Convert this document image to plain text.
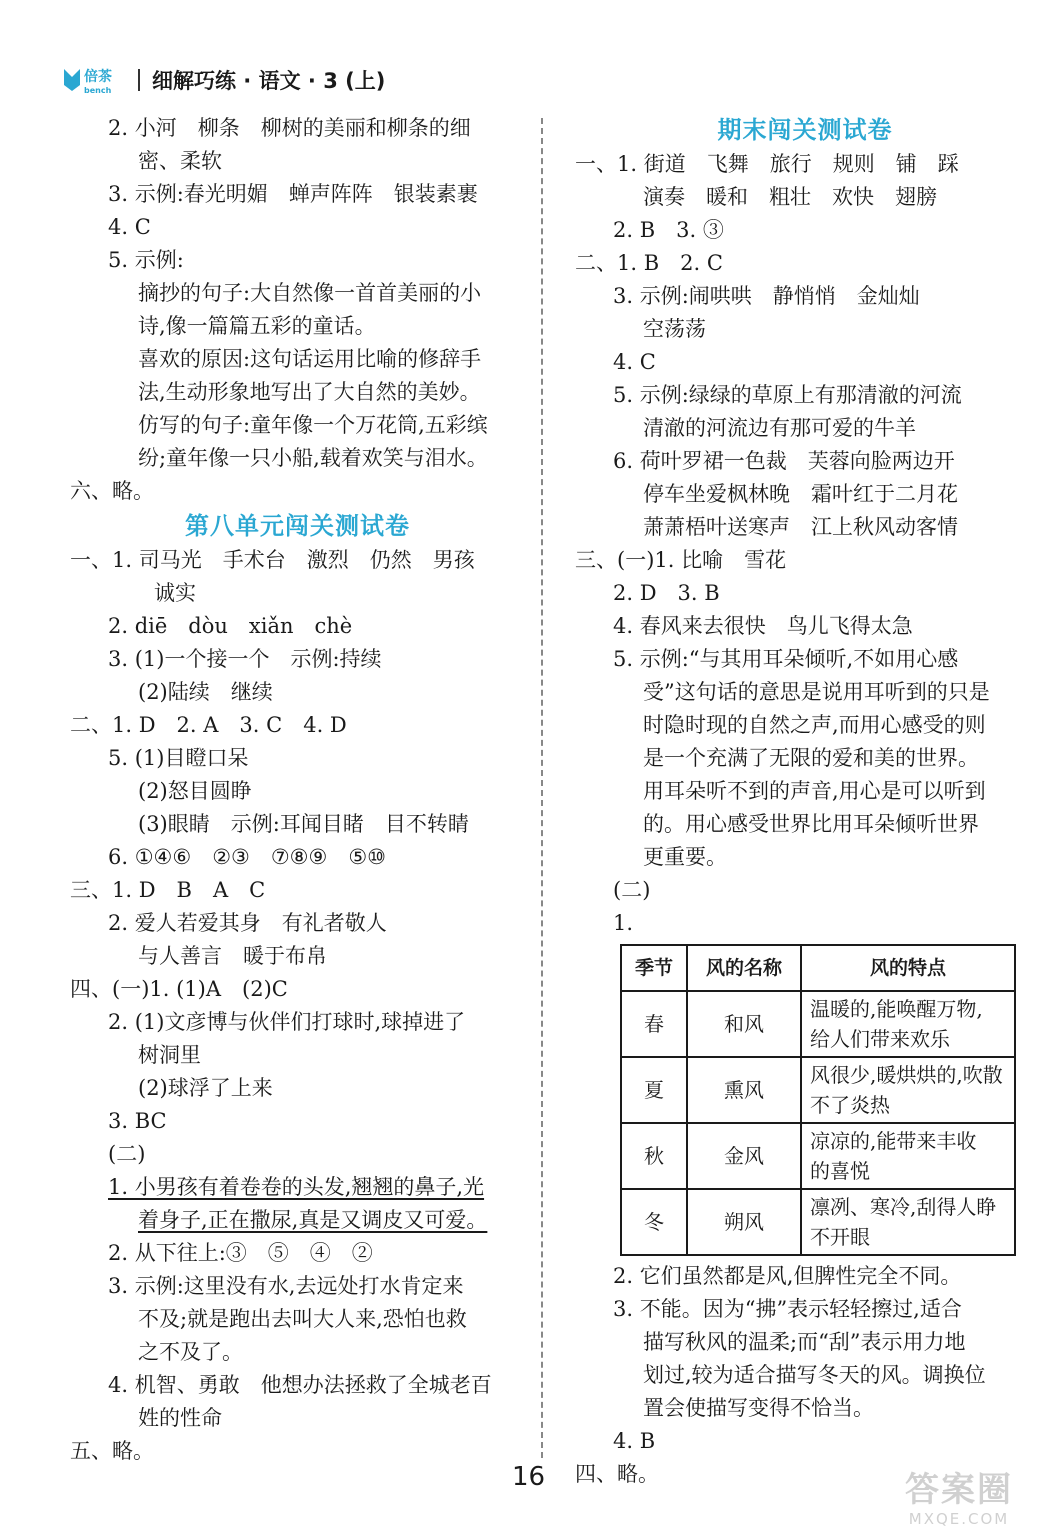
倍茶
bench 细解巧练 · 语文 · 3 (上)
2. 小河　柳条　柳树的美丽和柳条的细
密、柔软
3. 示例:春光明媚　蝉声阵阵　银装素裹
4. C
5. 示例:
摘抄的句子:大自然像一首首美丽的小
诗,像一篇篇五彩的童话。
喜欢的原因:这句话运用比喻的修辞手
法,生动形象地写出了大自然的美妙。
仿写的句子:童年像一个万花筒,五彩缤
纷;童年像一只小船,载着欢笑与泪水。
六、略。
第八单元闯关测试卷
一、1. 司马光　手术台　激烈　仍然　男孩
诚实
2. diē　dòu　xiǎn　chè
3. (1)一个接一个　示例:持续
(2)陆续　继续
二、1. D　2. A　3. C　4. D
5. (1)目瞪口呆
(2)怒目圆睁
(3)眼睛　示例:耳闻目睹　目不转睛
6. ①④⑥　②③　⑦⑧⑨　⑤⑩
三、1. D　B　A　C
2. 爱人若爱其身　有礼者敬人
与人善言　暖于布帛
四、(一)1. (1)A　(2)C
2. (1)文彦博与伙伴们打球时,球掉进了
树洞里
(2)球浮了上来
3. BC
(二)
1. 小男孩有着卷卷的头发,翘翘的鼻子,光
着身子,正在撒尿,真是又调皮又可爱。
2. 从下往上:③　⑤　④　②
3. 示例:这里没有水,去远处打水肯定来
不及;就是跑出去叫大人来,恐怕也救
之不及了。
4. 机智、勇敢　他想办法拯救了全城老百
姓的性命
五、略。
期末闯关测试卷
一、1. 街道　飞舞　旅行　规则　铺　踩
演奏　暖和　粗壮　欢快　翅膀
2. B　3. ③
二、1. B　2. C
3. 示例:闹哄哄　静悄悄　金灿灿
空荡荡
4. C
5. 示例:绿绿的草原上有那清澈的河流
清澈的河流边有那可爱的牛羊
6. 荷叶罗裙一色裁　芙蓉向脸两边开
停车坐爱枫林晚　霜叶红于二月花
萧萧梧叶送寒声　江上秋风动客情
三、(一)1. 比喻　雪花
2. D　3. B
4. 春风来去很快　鸟儿飞得太急
5. 示例:“与其用耳朵倾听,不如用心感
受”这句话的意思是说用耳听到的只是
时隐时现的自然之声,而用心感受的则
是一个充满了无限的爱和美的世界。
用耳朵听不到的声音,用心是可以听到
的。用心感受世界比用耳朵倾听世界
更重要。
(二)
1.
季节	风的名称	风的特点
春	和风	温暖的,能唤醒万物,
给人们带来欢乐
夏	熏风	风很少,暖烘烘的,吹散
不了炎热
秋	金风	凉凉的,能带来丰收
的喜悦
冬	朔风	凛冽、寒冷,刮得人睁
不开眼
2. 它们虽然都是风,但脾性完全不同。
3. 不能。因为“拂”表示轻轻擦过,适合
描写秋风的温柔;而“刮”表示用力地
划过,较为适合描写冬天的风。调换位
置会使描写变得不恰当。
4. B
四、略。
16	答案圈
MXQE.COM
